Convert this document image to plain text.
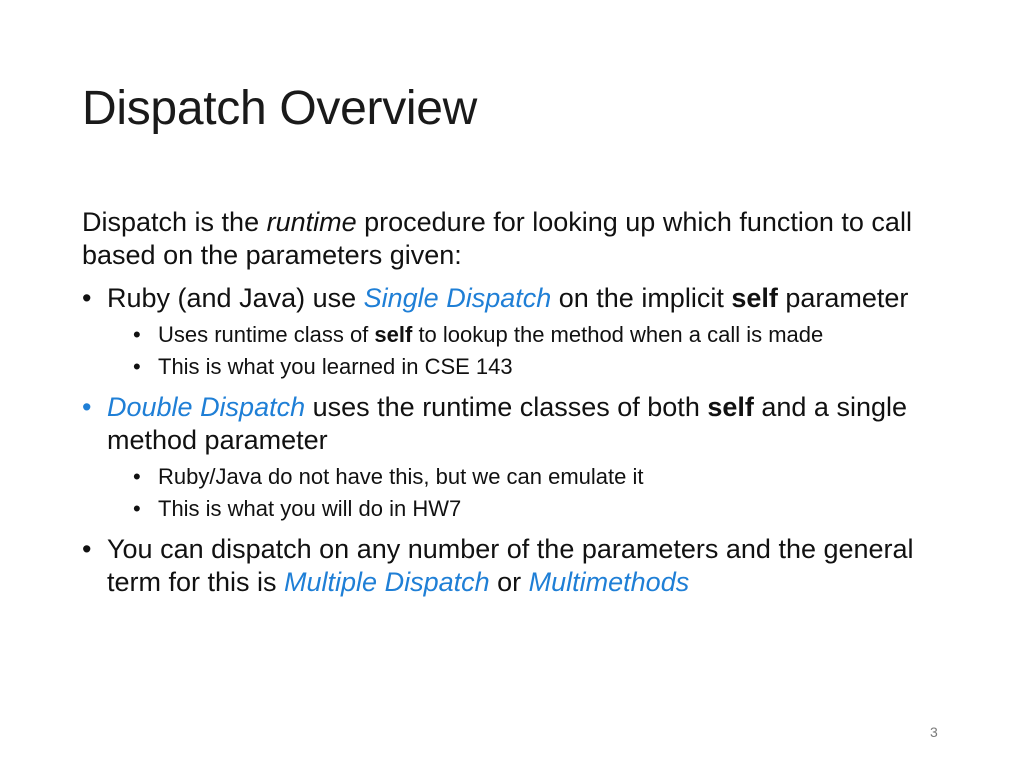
Dispatch Overview

Dispatch is the runtime procedure for looking up which function to call based on the parameters given:

• Ruby (and Java) use Single Dispatch on the implicit self parameter

• Uses runtime class of self to lookup the method when a call is made

• This is what you learned in CSE 143

• Double Dispatch uses the runtime classes of both self and a single method parameter

• Ruby/Java do not have this, but we can emulate it

• This is what you will do in HW7

• You can dispatch on any number of the parameters and the general term for this is Multiple Dispatch or Multimethods

3
